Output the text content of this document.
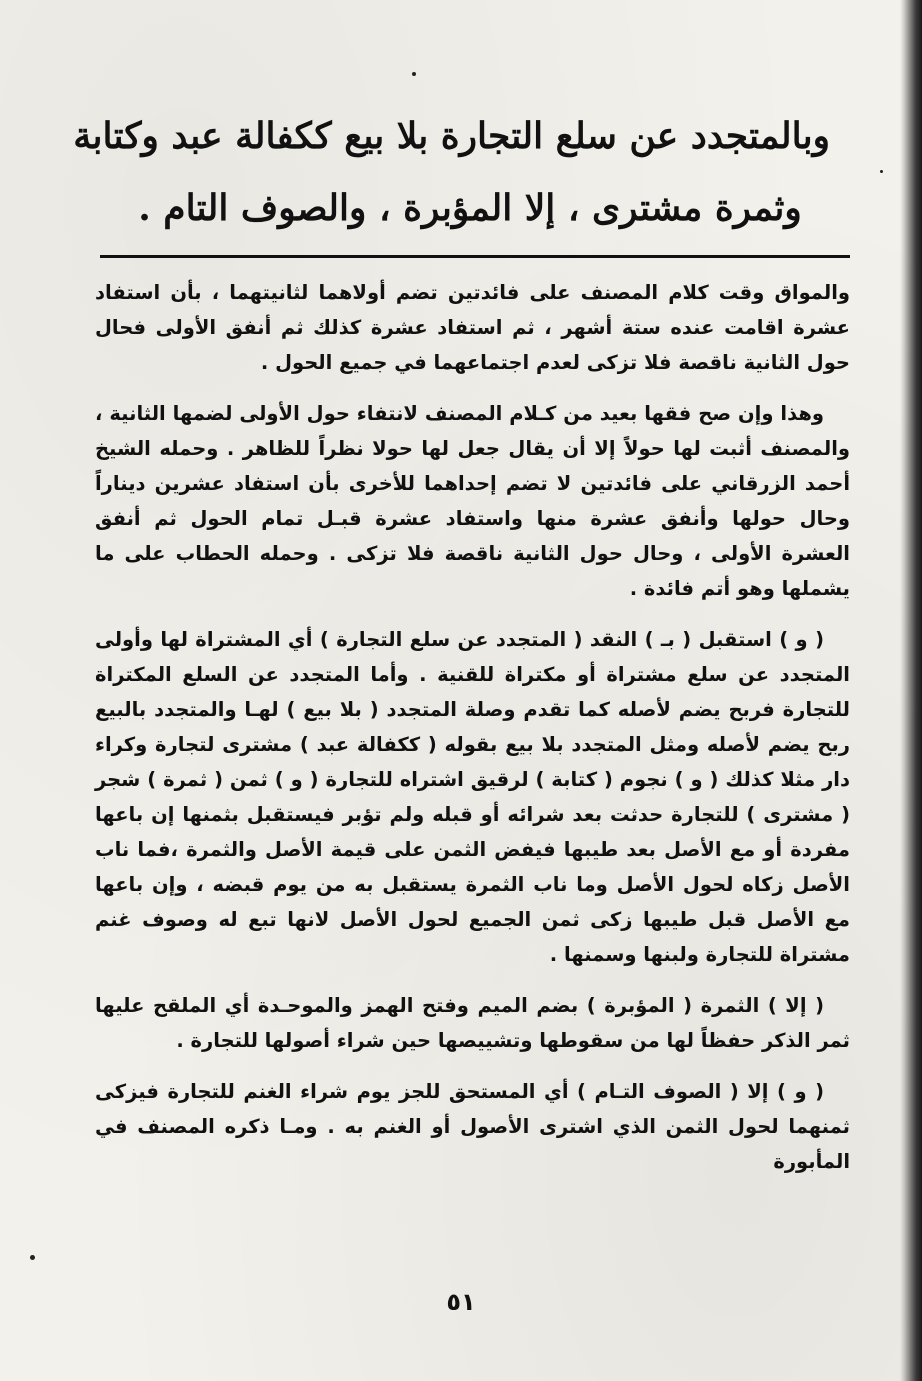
وبالمتجدد عن سلع التجارة بلا بيع ككفالة عبد وكتابة
وثمرة مشترى ، إلا المؤبرة ، والصوف التام .

والمواق وقت كلام المصنف على فائدتين تضم أولاهما لثانيتهما ، بأن استفاد عشرة اقامت عنده ستة أشهر ، ثم استفاد عشرة كذلك ثم أنفق الأولى فحال حول الثانية ناقصة فلا تزكى لعدم اجتماعهما في جميع الحول .

وهذا وإن صح فقها بعيد من كـلام المصنف لانتفاء حول الأولى لضمها الثانية ، والمصنف أثبت لها حولاً إلا أن يقال جعل لها حولا نظراً للظاهر . وحمله الشيخ أحمد الزرقاني على فائدتين لا تضم إحداهما للأخرى بأن استفاد عشرين ديناراً وحال حولها وأنفق عشرة منها واستفاد عشرة قبـل تمام الحول ثم أنفق العشرة الأولى ، وحال حول الثانية ناقصة فلا تزكى . وحمله الحطاب على ما يشملها وهو أتم فائدة .

( و ) استقبل ( بـ ) النقد ( المتجدد عن سلع التجارة ) أي المشتراة لها وأولى المتجدد عن سلع مشتراة أو مكتراة للقنية . وأما المتجدد عن السلع المكتراة للتجارة فربح يضم لأصله كما تقدم وصلة المتجدد ( بلا بيع ) لهـا والمتجدد بالبيع ربح يضم لأصله ومثل المتجدد بلا بيع بقوله ( ككفالة عبد ) مشترى لتجارة وكراء دار مثلا كذلك ( و ) نجوم ( كتابة ) لرقيق اشتراه للتجارة ( و ) ثمن ( ثمرة ) شجر ( مشترى ) للتجارة حدثت بعد شرائه أو قبله ولم تؤبر فيستقبل بثمنها إن باعها مفردة أو مع الأصل بعد طيبها فيفض الثمن على قيمة الأصل والثمرة ،فما ناب الأصل زكاه لحول الأصل وما ناب الثمرة يستقبل به من يوم قبضه ، وإن باعها مع الأصل قبل طيبها زكى ثمن الجميع لحول الأصل لانها تبع له وصوف غنم مشتراة للتجارة ولبنها وسمنها .

( إلا ) الثمرة ( المؤبرة ) بضم الميم وفتح الهمز والموحـدة أي الملقح عليها ثمر الذكر حفظاً لها من سقوطها وتشييصها حين شراء أصولها للتجارة .

( و ) إلا ( الصوف التـام ) أي المستحق للجز يوم شراء الغنم للتجارة فيزكى ثمنهما لحول الثمن الذي اشترى الأصول أو الغنم به . ومـا ذكره المصنف في المأبورة

٥١
